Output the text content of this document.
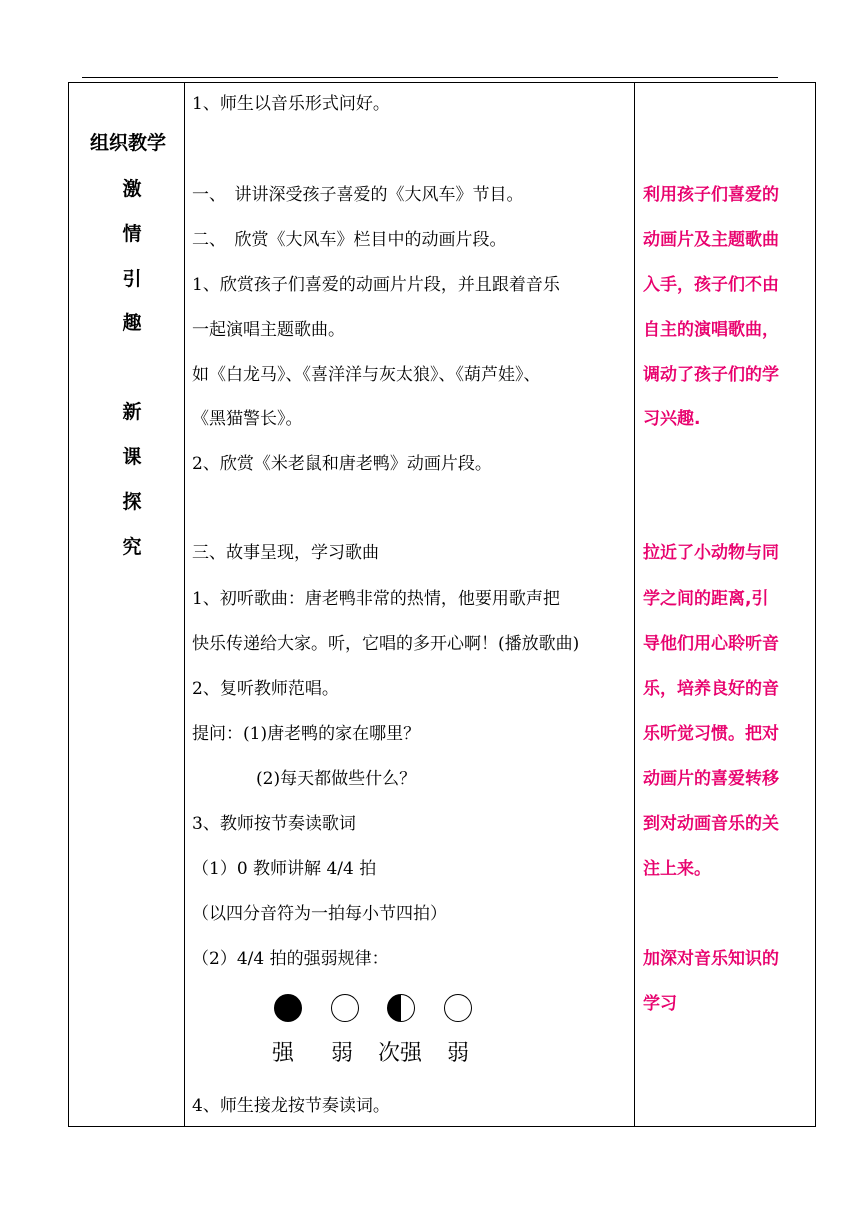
组织教学
激
情
引
趣
新
课
探
究
1、师生以音乐形式问好。
一、　讲讲深受孩子喜爱的《大风车》节目。
二、　欣赏《大风车》栏目中的动画片段。
1、欣赏孩子们喜爱的动画片片段，并且跟着音乐
一起演唱主题歌曲。
如《白龙马》、《喜洋洋与灰太狼》、《葫芦娃》、
《黑猫警长》。
2、欣赏《米老鼠和唐老鸭》动画片段。
三、故事呈现，学习歌曲
1、初听歌曲：唐老鸭非常的热情，他要用歌声把
快乐传递给大家。听，它唱的多开心啊！(播放歌曲)
2、复听教师范唱。
提问：(1)唐老鸭的家在哪里？
(2)每天都做些什么？
3、教师按节奏读歌词
（1）0 教师讲解 4/4 拍
（以四分音符为一拍每小节四拍）
（2）4/4 拍的强弱规律：
4、师生接龙按节奏读词。
强 弱 次强 弱
利用孩子们喜爱的
动画片及主题歌曲
入手，孩子们不由
自主的演唱歌曲，
调动了孩子们的学
习兴趣.
拉近了小动物与同
学之间的距离,引
导他们用心聆听音
乐，培养良好的音
乐听觉习惯。把对
动画片的喜爱转移
到对动画音乐的关
注上来。
加深对音乐知识的
学习
